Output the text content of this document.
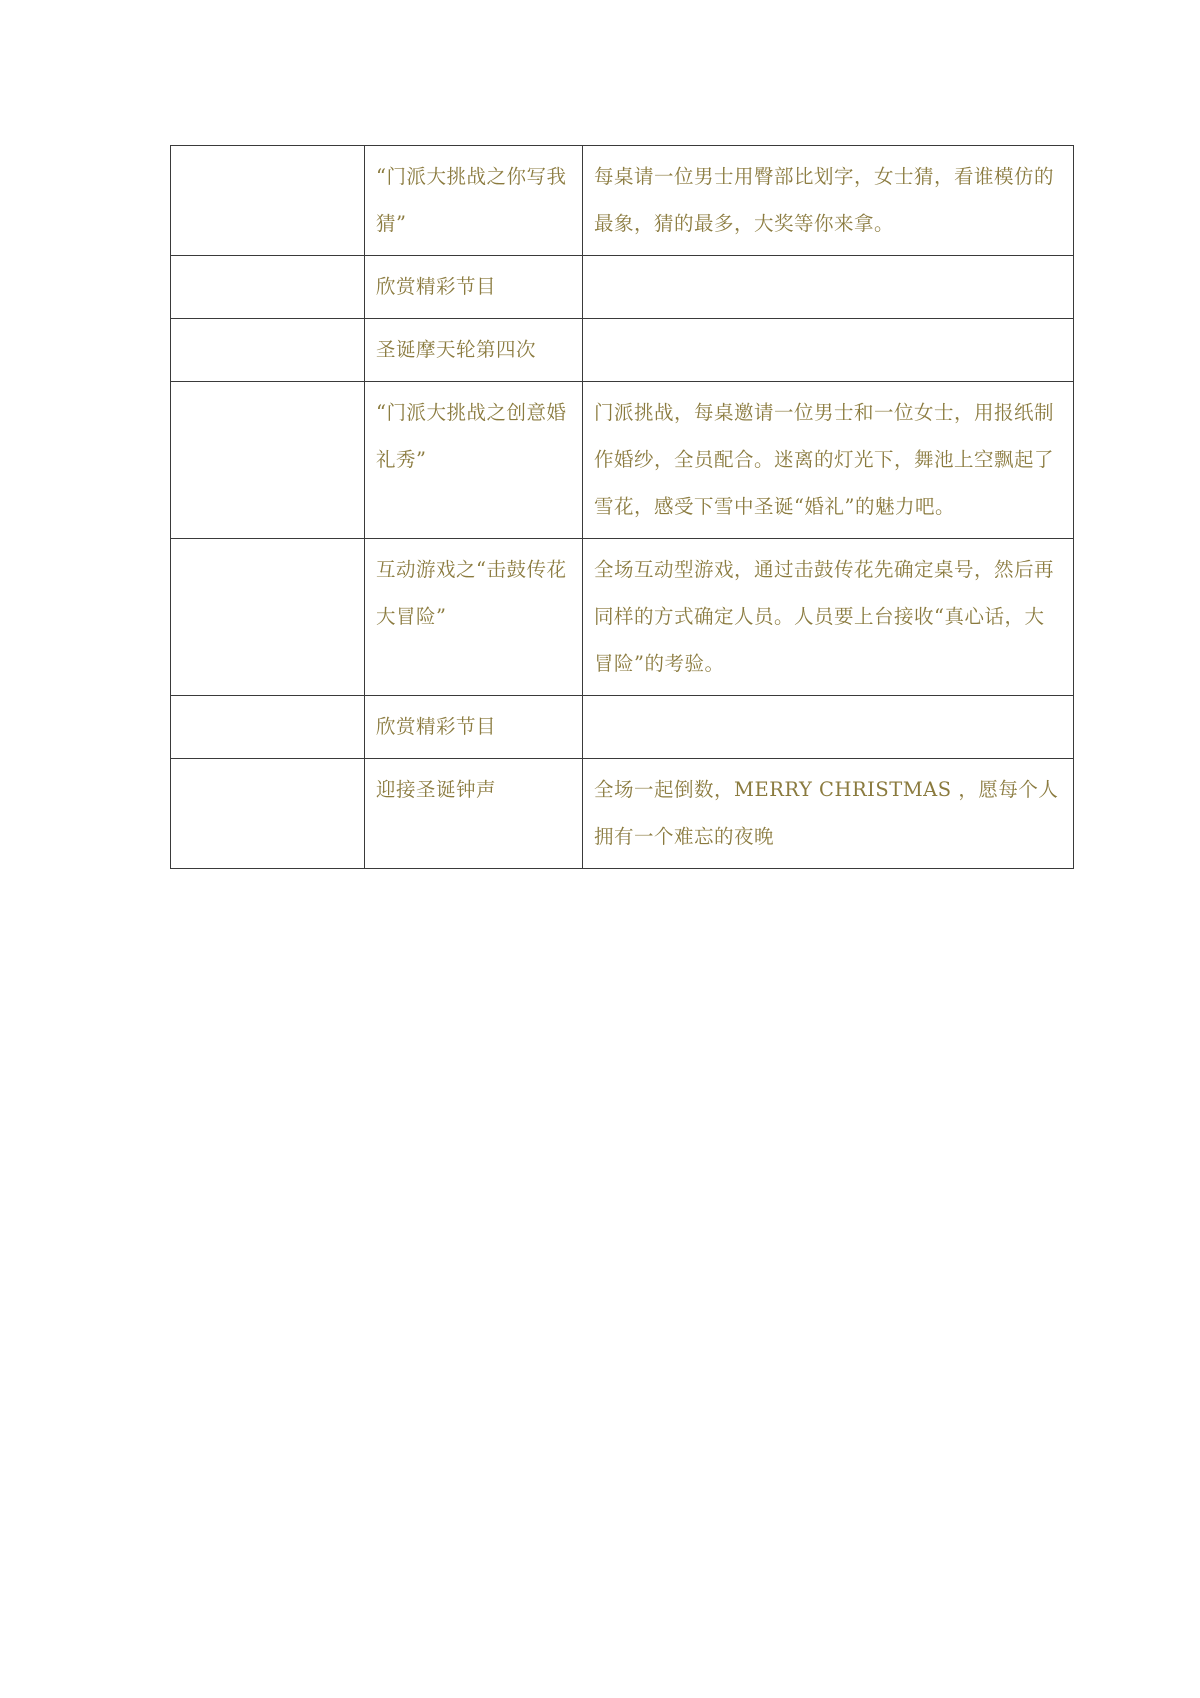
	“门派大挑战之你写我猜”	每桌请一位男士用臀部比划字，女士猜，看谁模仿的最象，猜的最多，大奖等你来拿。
	欣赏精彩节目	
	圣诞摩天轮第四次	
	“门派大挑战之创意婚礼秀”	门派挑战，每桌邀请一位男士和一位女士，用报纸制作婚纱，全员配合。迷离的灯光下，舞池上空飘起了雪花，感受下雪中圣诞“婚礼”的魅力吧。
	互动游戏之“击鼓传花大冒险”	全场互动型游戏，通过击鼓传花先确定桌号，然后再同样的方式确定人员。人员要上台接收“真心话，大冒险”的考验。
	欣赏精彩节目	
	迎接圣诞钟声	全场一起倒数，MERRY CHRISTMAS ，愿每个人拥有一个难忘的夜晚
